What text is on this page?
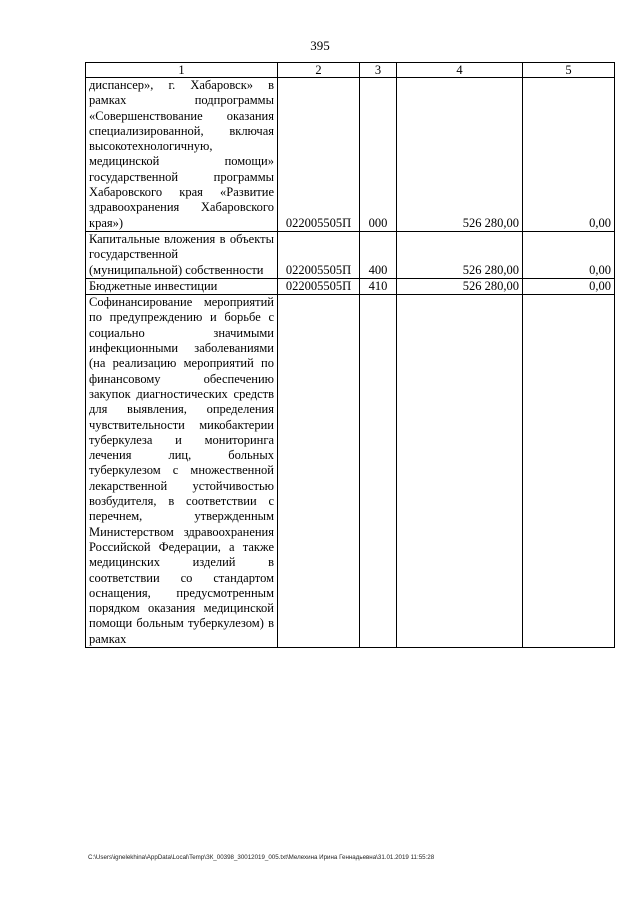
395
1	2	3	4	5
диспансер», г. Хабаровск» в рамках подпрограммы «Совершенствование оказания специализированной, включая высокотехнологичную, медицинской помощи» государственной программы Хабаровского края «Развитие здравоохранения Хабаровского края»)	022005505П	000	526 280,00	0,00
Капитальные вложения в объекты государственной (муниципальной) собственности	022005505П	400	526 280,00	0,00
Бюджетные инвестиции	022005505П	410	526 280,00	0,00
Софинансирование мероприятий по предупреждению и борьбе с социально значимыми инфекционными заболеваниями (на реализацию мероприятий по финансовому обеспечению закупок диагностических средств для выявления, определения чувствительности микобактерии туберкулеза и мониторинга лечения лиц, больных туберкулезом с множественной лекарственной устойчивостью возбудителя, в соответствии с перечнем, утвержденным Министерством здравоохранения Российской Федерации, а также медицинских изделий в соответствии со стандартом оснащения, предусмотренным порядком оказания медицинской помощи больным туберкулезом) в рамках				
C:\Users\ignelekhina\AppData\Local\Temp\ЗК_00398_30012019_005.txt\Мелехина Ирина Геннадьевна\31.01.2019 11:55:28
